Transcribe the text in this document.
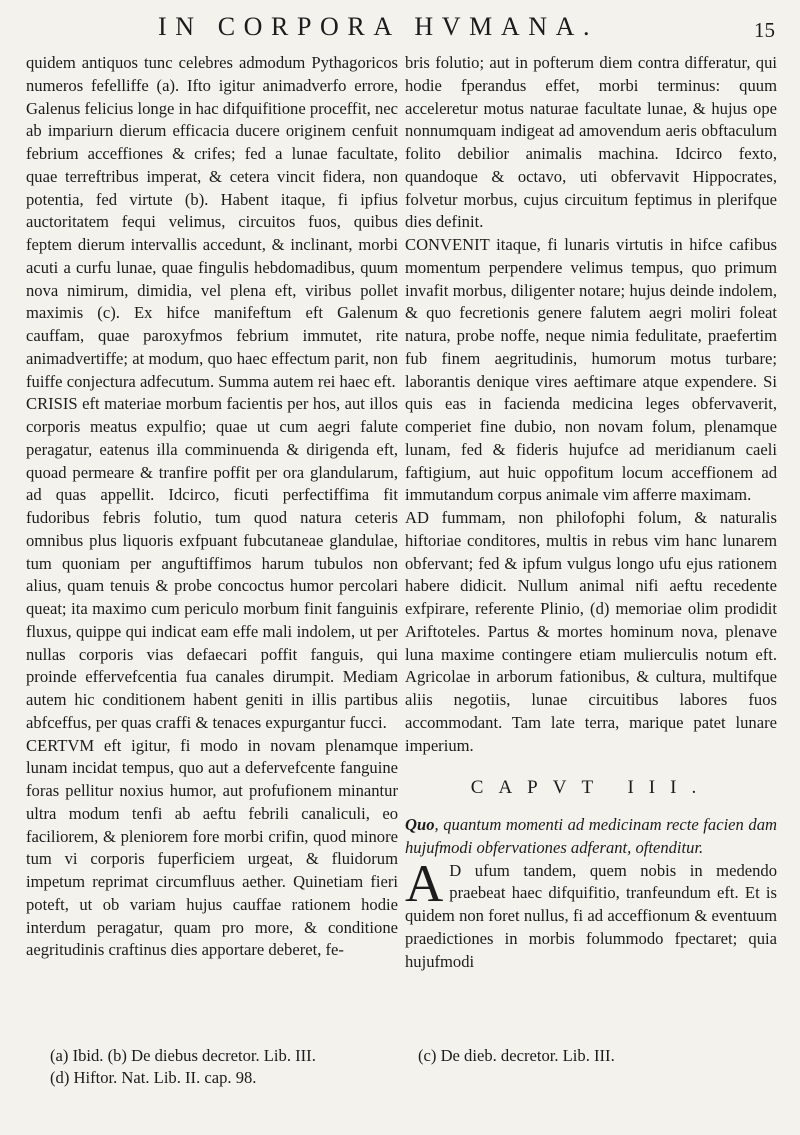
IN CORPORA HVMANA.	15

quidem antiquos tunc celebres admodum Pythagoricos numeros fefelliffe (a). Ifto igitur animadverfo errore, Galenus felicius longe in hac difquifitione proceffit, nec ab impariurn dierum efficacia ducere originem cenfuit febrium acceffiones & crifes; fed a lunae facultate, quae terreftribus imperat, & cetera vincit fidera, non potentia, fed virtute (b). Habent itaque, fi ipfius auctoritatem fequi velimus, circuitos fuos, quibus feptem dierum intervallis accedunt, & inclinant, morbi acuti a curfu lunae, quae fingulis hebdomadibus, quum nova nimirum, dimidia, vel plena eft, viribus pollet maximis (c). Ex hifce manifeftum eft Galenum cauffam, quae paroxyfmos febrium immutet, rite animadvertiffe; at modum, quo haec effectum parit, non fuiffe conjectura adfecutum. Summa autem rei haec eft.

CRISIS eft materiae morbum facientis per hos, aut illos corporis meatus expulfio; quae ut cum aegri falute peragatur, eatenus illa comminuenda & dirigenda eft, quoad permeare & tranfire poffit per ora glandularum, ad quas appellit. Idcirco, ficuti perfectiffima fit fudoribus febris folutio, tum quod natura ceteris omnibus plus liquoris exfpuant fubcutaneae glandulae, tum quoniam per anguftiffimos harum tubulos non alius, quam tenuis & probe concoctus humor percolari queat; ita maximo cum periculo morbum finit fanguinis fluxus, quippe qui indicat eam effe mali indolem, ut per nullas corporis vias defaecari poffit fanguis, qui proinde effervefcentia fua canales dirumpit. Mediam autem hic conditionem habent geniti in illis partibus abfceffus, per quas craffi & tenaces expurgantur fucci.

CERTVM eft igitur, fi modo in novam plenamque lunam incidat tempus, quo aut a defervefcente fanguine foras pellitur noxius humor, aut profufionem minantur ultra modum tenfi ab aeftu febrili canaliculi, eo faciliorem, & pleniorem fore morbi crifin, quod minore tum vi corporis fuperficiem urgeat, & fluidorum impetum reprimat circumfluus aether. Quinetiam fieri poteft, ut ob variam hujus cauffae rationem hodie interdum peragatur, quam pro more, & conditione aegritudinis craftinus dies apportare deberet, fe-

bris folutio; aut in pofterum diem contra differatur, qui hodie fperandus effet, morbi terminus: quum acceleretur motus naturae facultate lunae, & hujus ope nonnumquam indigeat ad amovendum aeris obftaculum folito debilior animalis machina. Idcirco fexto, quandoque & octavo, uti obfervavit Hippocrates, folvetur morbus, cujus circuitum feptimus in plerifque dies definit.

CONVENIT itaque, fi lunaris virtutis in hifce cafibus momentum perpendere velimus tempus, quo primum invafit morbus, diligenter notare; hujus deinde indolem, & quo fecretionis genere falutem aegri moliri foleat natura, probe noffe, neque nimia fedulitate, praefertim fub finem aegritudinis, humorum motus turbare; laborantis denique vires aeftimare atque expendere. Si quis eas in facienda medicina leges obfervaverit, comperiet fine dubio, non novam folum, plenamque lunam, fed & fideris hujufce ad meridianum caeli faftigium, aut huic oppofitum locum acceffionem ad immutandum corpus animale vim afferre maximam.

AD fummam, non philofophi folum, & naturalis hiftoriae conditores, multis in rebus vim hanc lunarem obfervant; fed & ipfum vulgus longo ufu ejus rationem habere didicit. Nullum animal nifi aeftu recedente exfpirare, referente Plinio, (d) memoriae olim prodidit Ariftoteles. Partus & mortes hominum nova, plenave luna maxime contingere etiam mulierculis notum eft. Agricolae in arborum fationibus, & cultura, multifque aliis negotiis, lunae circuitibus labores fuos accommodant. Tam late terra, marique patet lunare imperium.

CAPVT III.

Quo, quantum momenti ad medicinam recte facien dam hujufmodi obfervationes adferant, oftenditur.

A D ufum tandem, quem nobis in medendo praebeat haec difquifitio, tranfeundum eft. Et is quidem non foret nullus, fi ad acceffionum & eventuum praedictiones in morbis folummodo fpectaret; quia hujufmodi

(a) Ibid. (b) De diebus decretor. Lib. III.
(d) Hiftor. Nat. Lib. II. cap. 98.
(c) De dieb. decretor. Lib. III.
